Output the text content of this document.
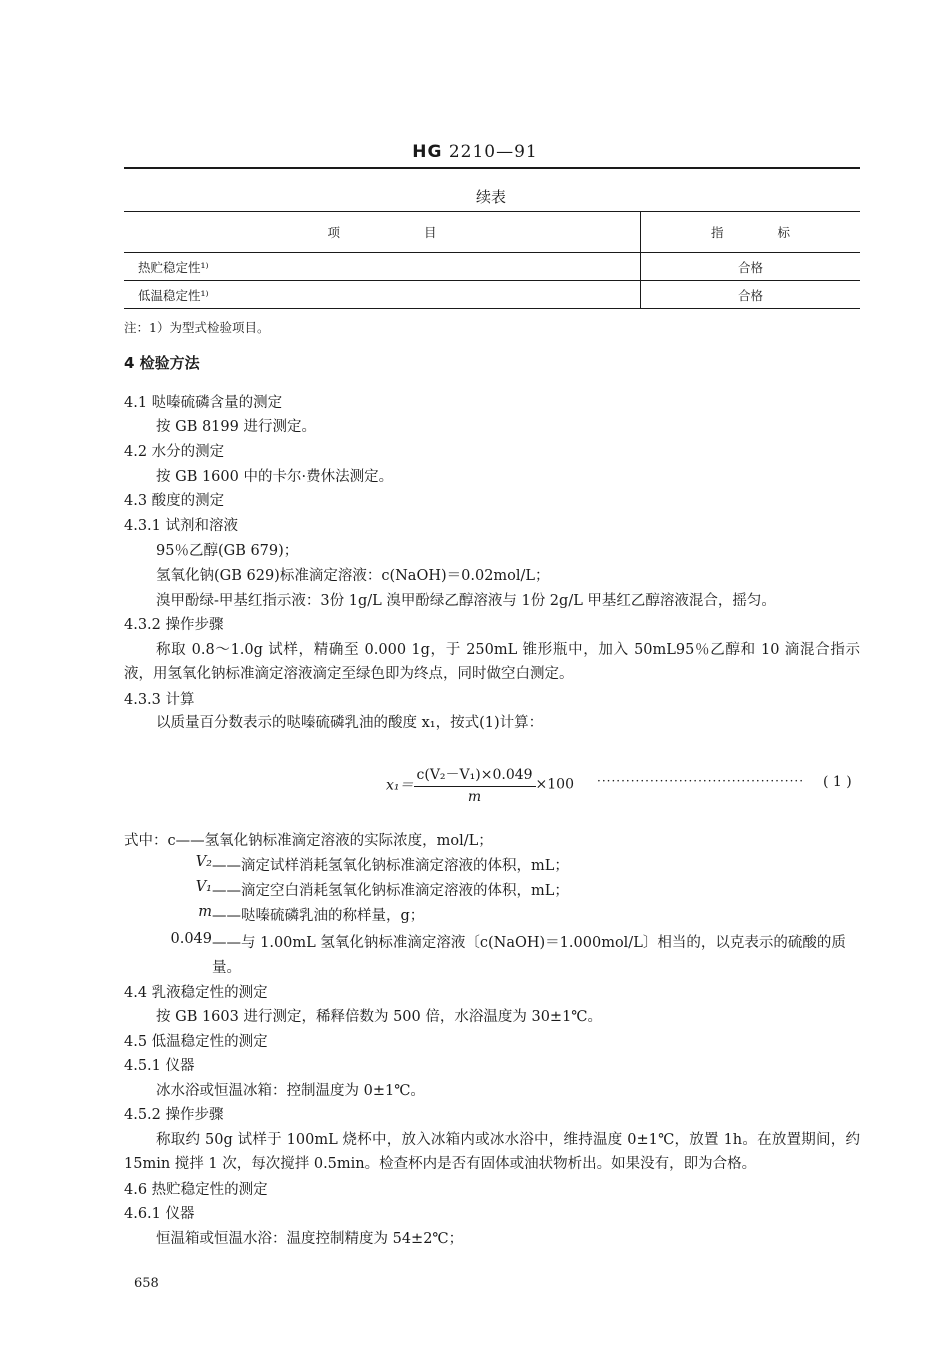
HG 2210—91
续表
项 目	指 标
热贮稳定性¹⁾	合格
低温稳定性¹⁾	合格
注：1）为型式检验项目。
4 检验方法
4.1 哒嗪硫磷含量的测定
按 GB 8199 进行测定。
4.2 水分的测定
按 GB 1600 中的卡尔·费休法测定。
4.3 酸度的测定
4.3.1 试剂和溶液
95％乙醇(GB 679)；
氢氧化钠(GB 629)标准滴定溶液：c(NaOH)＝0.02mol/L；
溴甲酚绿-甲基红指示液：3份 1g/L 溴甲酚绿乙醇溶液与 1份 2g/L 甲基红乙醇溶液混合，摇匀。
4.3.2 操作步骤
称取 0.8～1.0g 试样，精确至 0.000 1g，于 250mL 锥形瓶中，加入 50mL95％乙醇和 10 滴混合指示液，用氢氧化钠标准滴定溶液滴定至绿色即为终点，同时做空白测定。
4.3.3 计算
以质量百分数表示的哒嗪硫磷乳油的酸度 x₁，按式(1)计算：
$x_1= \frac{\text{c(V₂－V₁)×0.049}}{m} \times 100$ ··········································· ( 1 )
式中：c——氢氧化钠标准滴定溶液的实际浓度，mol/L；
V₂ ——滴定试样消耗氢氧化钠标准滴定溶液的体积，mL；
V₁ ——滴定空白消耗氢氧化钠标准滴定溶液的体积，mL；
m ——哒嗪硫磷乳油的称样量，g；
0.049 ——与 1.00mL 氢氧化钠标准滴定溶液〔c(NaOH)＝1.000mol/L〕相当的，以克表示的硫酸的质
量。
4.4 乳液稳定性的测定
按 GB 1603 进行测定，稀释倍数为 500 倍，水浴温度为 30±1℃。
4.5 低温稳定性的测定
4.5.1 仪器
冰水浴或恒温冰箱：控制温度为 0±1℃。
4.5.2 操作步骤
称取约 50g 试样于 100mL 烧杯中，放入冰箱内或冰水浴中，维持温度 0±1℃，放置 1h。在放置期间，约 15min 搅拌 1 次，每次搅拌 0.5min。检查杯内是否有固体或油状物析出。如果没有，即为合格。
4.6 热贮稳定性的测定
4.6.1 仪器
恒温箱或恒温水浴：温度控制精度为 54±2℃；
658
